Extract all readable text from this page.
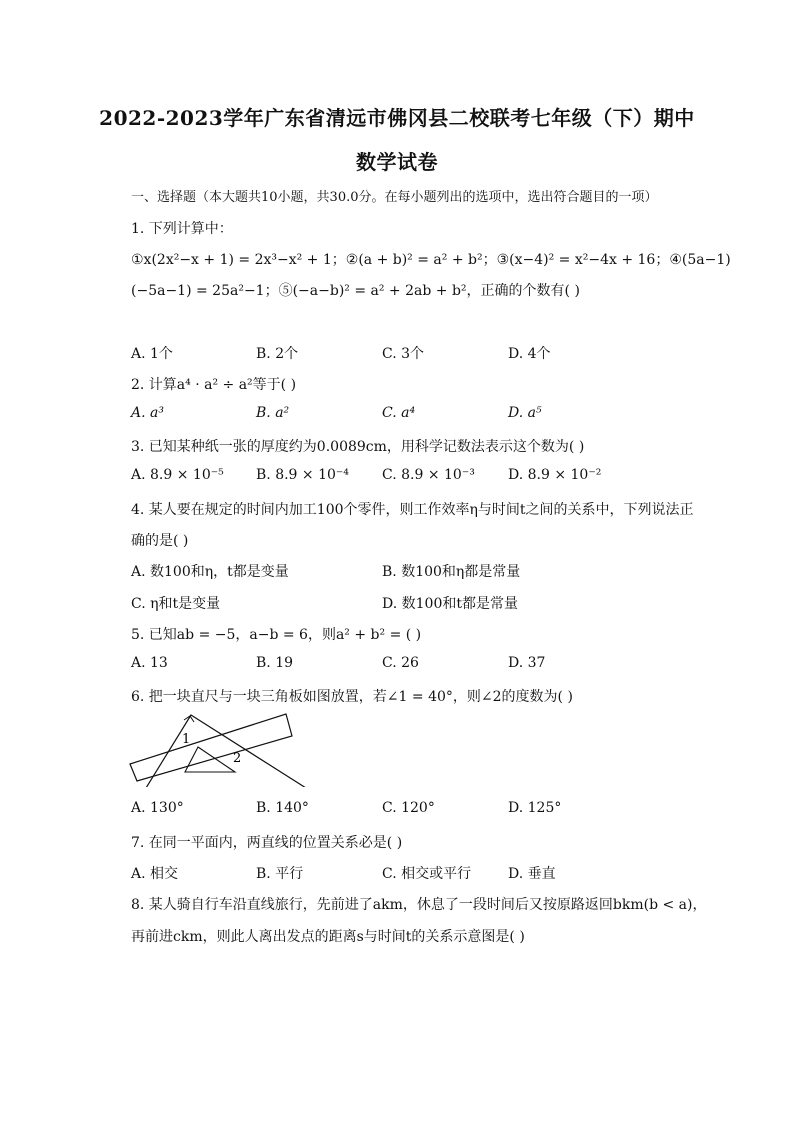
2022-2023学年广东省清远市佛冈县二校联考七年级（下）期中
数学试卷
一、选择题（本大题共10小题，共30.0分。在每小题列出的选项中，选出符合题目的一项）
1. 下列计算中：
①x(2x²−x + 1) = 2x³−x² + 1；②(a + b)² = a² + b²；③(x−4)² = x²−4x + 16；④(5a−1)
(−5a−1) = 25a²−1；⑤(−a−b)² = a² + 2ab + b²，正确的个数有( )
A. 1个	B. 2个	C. 3个	D. 4个
2. 计算a⁴ · a² ÷ a²等于( )
A. a³	B. a²	C. a⁴	D. a⁵
3. 已知某种纸一张的厚度约为0.0089cm，用科学记数法表示这个数为( )
A. 8.9 × 10⁻⁵ B. 8.9 × 10⁻⁴ C. 8.9 × 10⁻³ D. 8.9 × 10⁻²
4. 某人要在规定的时间内加工100个零件，则工作效率η与时间t之间的关系中，下列说法正
确的是( )
A. 数100和η，t都是变量	B. 数100和η都是常量
C. η和t是变量	D. 数100和t都是常量
5. 已知ab = −5，a−b = 6，则a² + b² = ( )
A. 13	B. 19	C. 26	D. 37
6. 把一块直尺与一块三角板如图放置，若∠1 = 40°，则∠2的度数为( )
1
2
A. 130°	B. 140°	C. 120°	D. 125°
7. 在同一平面内，两直线的位置关系必是( )
A. 相交	B. 平行	C. 相交或平行	D. 垂直
8. 某人骑自行车沿直线旅行，先前进了akm，休息了一段时间后又按原路返回bkm(b < a)，
再前进ckm，则此人离出发点的距离s与时间t的关系示意图是( )
